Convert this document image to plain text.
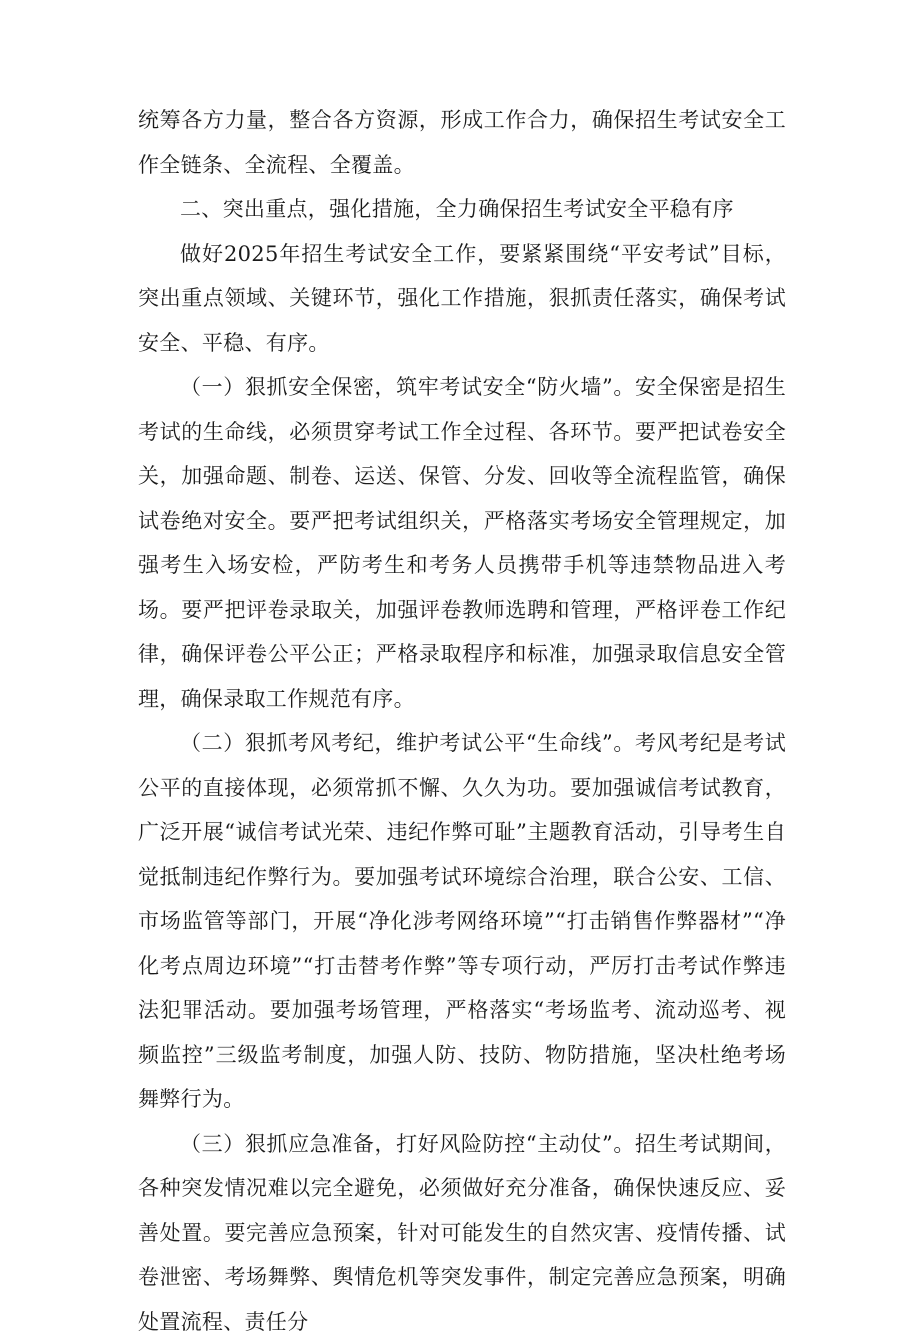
统筹各方力量，整合各方资源，形成工作合力，确保招生考试安全工作全链条、全流程、全覆盖。

二、突出重点，强化措施，全力确保招生考试安全平稳有序

做好2025年招生考试安全工作，要紧紧围绕“平安考试”目标，突出重点领域、关键环节，强化工作措施，狠抓责任落实，确保考试安全、平稳、有序。

（一）狠抓安全保密，筑牢考试安全“防火墙”。安全保密是招生考试的生命线，必须贯穿考试工作全过程、各环节。要严把试卷安全关，加强命题、制卷、运送、保管、分发、回收等全流程监管，确保试卷绝对安全。要严把考试组织关，严格落实考场安全管理规定，加强考生入场安检，严防考生和考务人员携带手机等违禁物品进入考场。要严把评卷录取关，加强评卷教师选聘和管理，严格评卷工作纪律，确保评卷公平公正；严格录取程序和标准，加强录取信息安全管理，确保录取工作规范有序。

（二）狠抓考风考纪，维护考试公平“生命线”。考风考纪是考试公平的直接体现，必须常抓不懈、久久为功。要加强诚信考试教育，广泛开展“诚信考试光荣、违纪作弊可耻”主题教育活动，引导考生自觉抵制违纪作弊行为。要加强考试环境综合治理，联合公安、工信、市场监管等部门，开展“净化涉考网络环境”“打击销售作弊器材”“净化考点周边环境”“打击替考作弊”等专项行动，严厉打击考试作弊违法犯罪活动。要加强考场管理，严格落实“考场监考、流动巡考、视频监控”三级监考制度，加强人防、技防、物防措施，坚决杜绝考场舞弊行为。

（三）狠抓应急准备，打好风险防控“主动仗”。招生考试期间，各种突发情况难以完全避免，必须做好充分准备，确保快速反应、妥善处置。要完善应急预案，针对可能发生的自然灾害、疫情传播、试卷泄密、考场舞弊、舆情危机等突发事件，制定完善应急预案，明确处置流程、责任分
